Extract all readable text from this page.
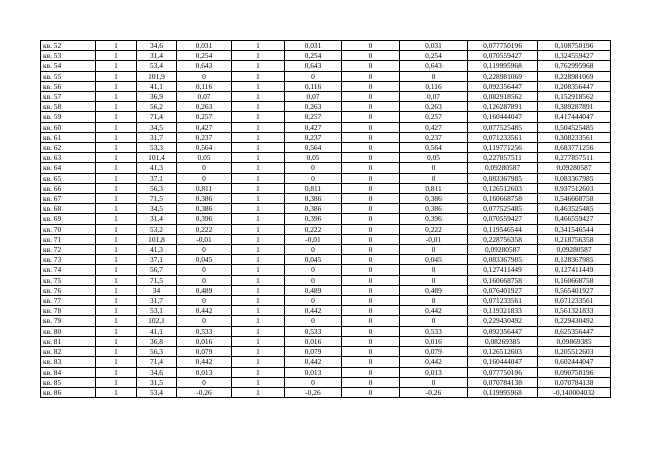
кв. 52	1	34,6	0,031	1	0,031	0	0,031	0,077750196	0,108750196
кв. 53	1	31,4	0,254	1	0,254	0	0,254	0,070559427	0,324559427
кв. 54	1	53,4	0,643	1	0,643	0	0,643	0,119995968	0,762995968
кв. 55	1	101,9	0	1	0	0	0	0,228981069	0,228981069
кв. 56	1	41,1	0,116	1	0,116	0	0,116	0,092356447	0,208356447
кв. 57	1	36,9	0,07	1	0,07	0	0,07	0,082918562	0,152918562
кв. 58	1	56,2	0,263	1	0,263	0	0,263	0,126287891	0,389287891
кв. 59	1	71,4	0,257	1	0,257	0	0,257	0,160444047	0,417444047
кв. 60	1	34,5	0,427	1	0,427	0	0,427	0,077525485	0,504525485
кв. 61	1	31,7	0,237	1	0,237	0	0,237	0,071233561	0,308233561
кв. 62	1	53,3	0,564	1	0,564	0	0,564	0,119771256	0,683771256
кв. 63	1	101,4	0,05	1	0,05	0	0,05	0,227857511	0,277857511
кв. 64	1	41,3	0	1	0	0	0	0,09280587	0,09280587
кв. 65	1	37,1	0	1	0	0	0	0,083367985	0,083367985
кв. 66	1	56,3	0,811	1	0,811	0	0,811	0,126512603	0,937512603
кв. 67	1	71,5	0,386	1	0,386	0	0,386	0,160668758	0,546668758
кв. 68	1	34,5	0,386	1	0,386	0	0,386	0,077525485	0,463525485
кв. 69	1	31,4	0,396	1	0,396	0	0,396	0,070559427	0,466559427
кв. 70	1	53,2	0,222	1	0,222	0	0,222	0,119546544	0,341546544
кв. 71	1	101,8	-0,01	1	-0,01	0	-0,01	0,228756358	0,218756358
кв. 72	1	41,3	0	1	0	0	0	0,09280587	0,09280587
кв. 73	1	37,1	0,045	1	0,045	0	0,045	0,083367985	0,128367985
кв. 74	1	56,7	0	1	0	0	0	0,127411449	0,127411449
кв. 75	1	71,5	0	1	0	0	0	0,160668758	0,160668758
кв. 76	1	34	0,489	1	0,489	0	0,489	0,076401927	0,565401927
кв. 77	1	31,7	0	1	0	0	0	0,071233561	0,071233561
кв. 78	1	53,1	0,442	1	0,442	0	0,442	0,119321833	0,561321833
кв. 79	1	102,1	0	1	0	0	0	0,229430492	0,229430492
кв. 80	1	41,1	0,533	1	0,533	0	0,533	0,092356447	0,625356447
кв. 81	1	36,8	0,016	1	0,016	0	0,016	0,08269385	0,09869385
кв. 82	1	56,3	0,079	1	0,079	0	0,079	0,126512603	0,205512603
кв. 83	1	71,4	0,442	1	0,442	0	0,442	0,160444047	0,602444047
кв. 84	1	34,6	0,013	1	0,013	0	0,013	0,077750196	0,090750196
кв. 85	1	31,5	0	1	0	0	0	0,070784138	0,070784138
кв. 86	1	53,4	-0,26	1	-0,26	0	-0,26	0,119995968	-0,140004032
